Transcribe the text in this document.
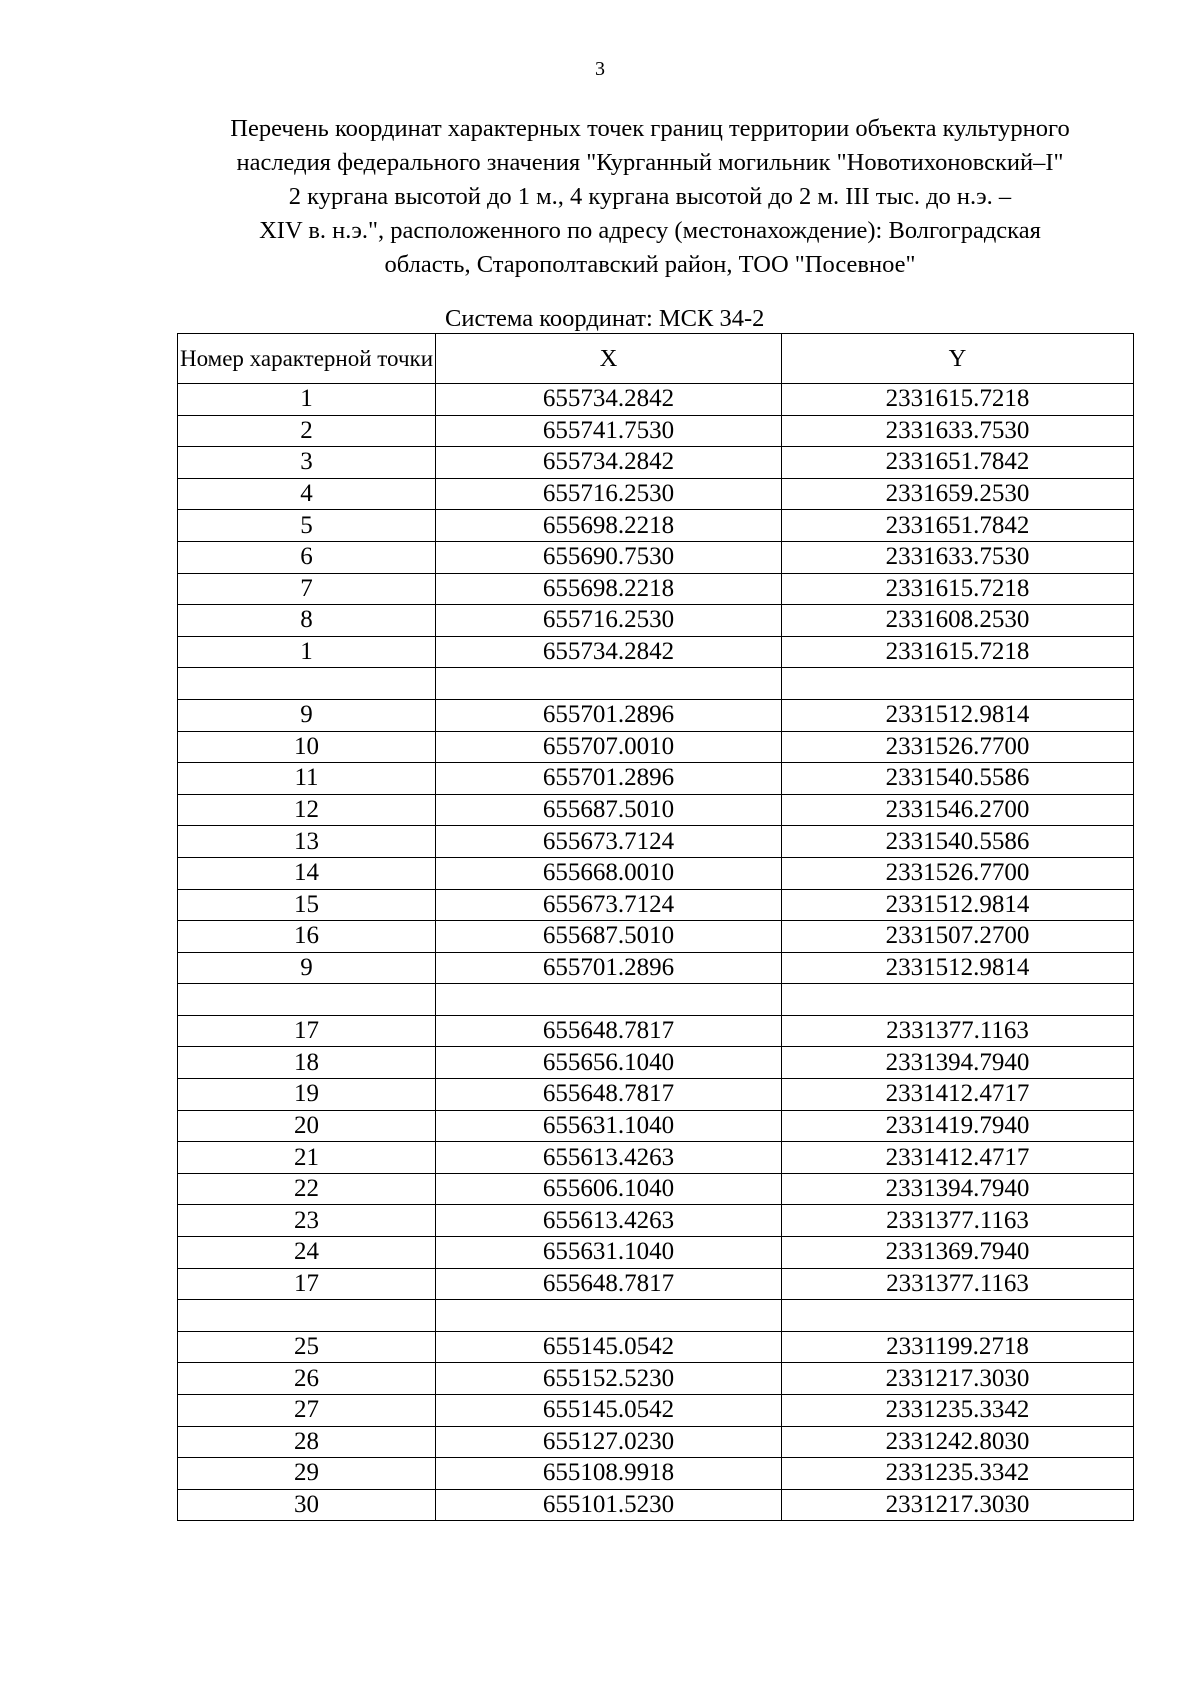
3
Перечень координат характерных точек границ территории объекта культурного
наследия федерального значения "Курганный могильник "Новотихоновский–I"
2 кургана высотой до 1 м., 4 кургана высотой до 2 м. III тыс. до н.э. –
XIV в. н.э.", расположенного по адресу (местонахождение): Волгоградская
область, Старополтавский район, ТОО "Посевное"
Система координат: МСК 34-2
Номер характерной точки	X	Y
1	655734.2842	2331615.7218
2	655741.7530	2331633.7530
3	655734.2842	2331651.7842
4	655716.2530	2331659.2530
5	655698.2218	2331651.7842
6	655690.7530	2331633.7530
7	655698.2218	2331615.7218
8	655716.2530	2331608.2530
1	655734.2842	2331615.7218

9	655701.2896	2331512.9814
10	655707.0010	2331526.7700
11	655701.2896	2331540.5586
12	655687.5010	2331546.2700
13	655673.7124	2331540.5586
14	655668.0010	2331526.7700
15	655673.7124	2331512.9814
16	655687.5010	2331507.2700
9	655701.2896	2331512.9814

17	655648.7817	2331377.1163
18	655656.1040	2331394.7940
19	655648.7817	2331412.4717
20	655631.1040	2331419.7940
21	655613.4263	2331412.4717
22	655606.1040	2331394.7940
23	655613.4263	2331377.1163
24	655631.1040	2331369.7940
17	655648.7817	2331377.1163

25	655145.0542	2331199.2718
26	655152.5230	2331217.3030
27	655145.0542	2331235.3342
28	655127.0230	2331242.8030
29	655108.9918	2331235.3342
30	655101.5230	2331217.3030
